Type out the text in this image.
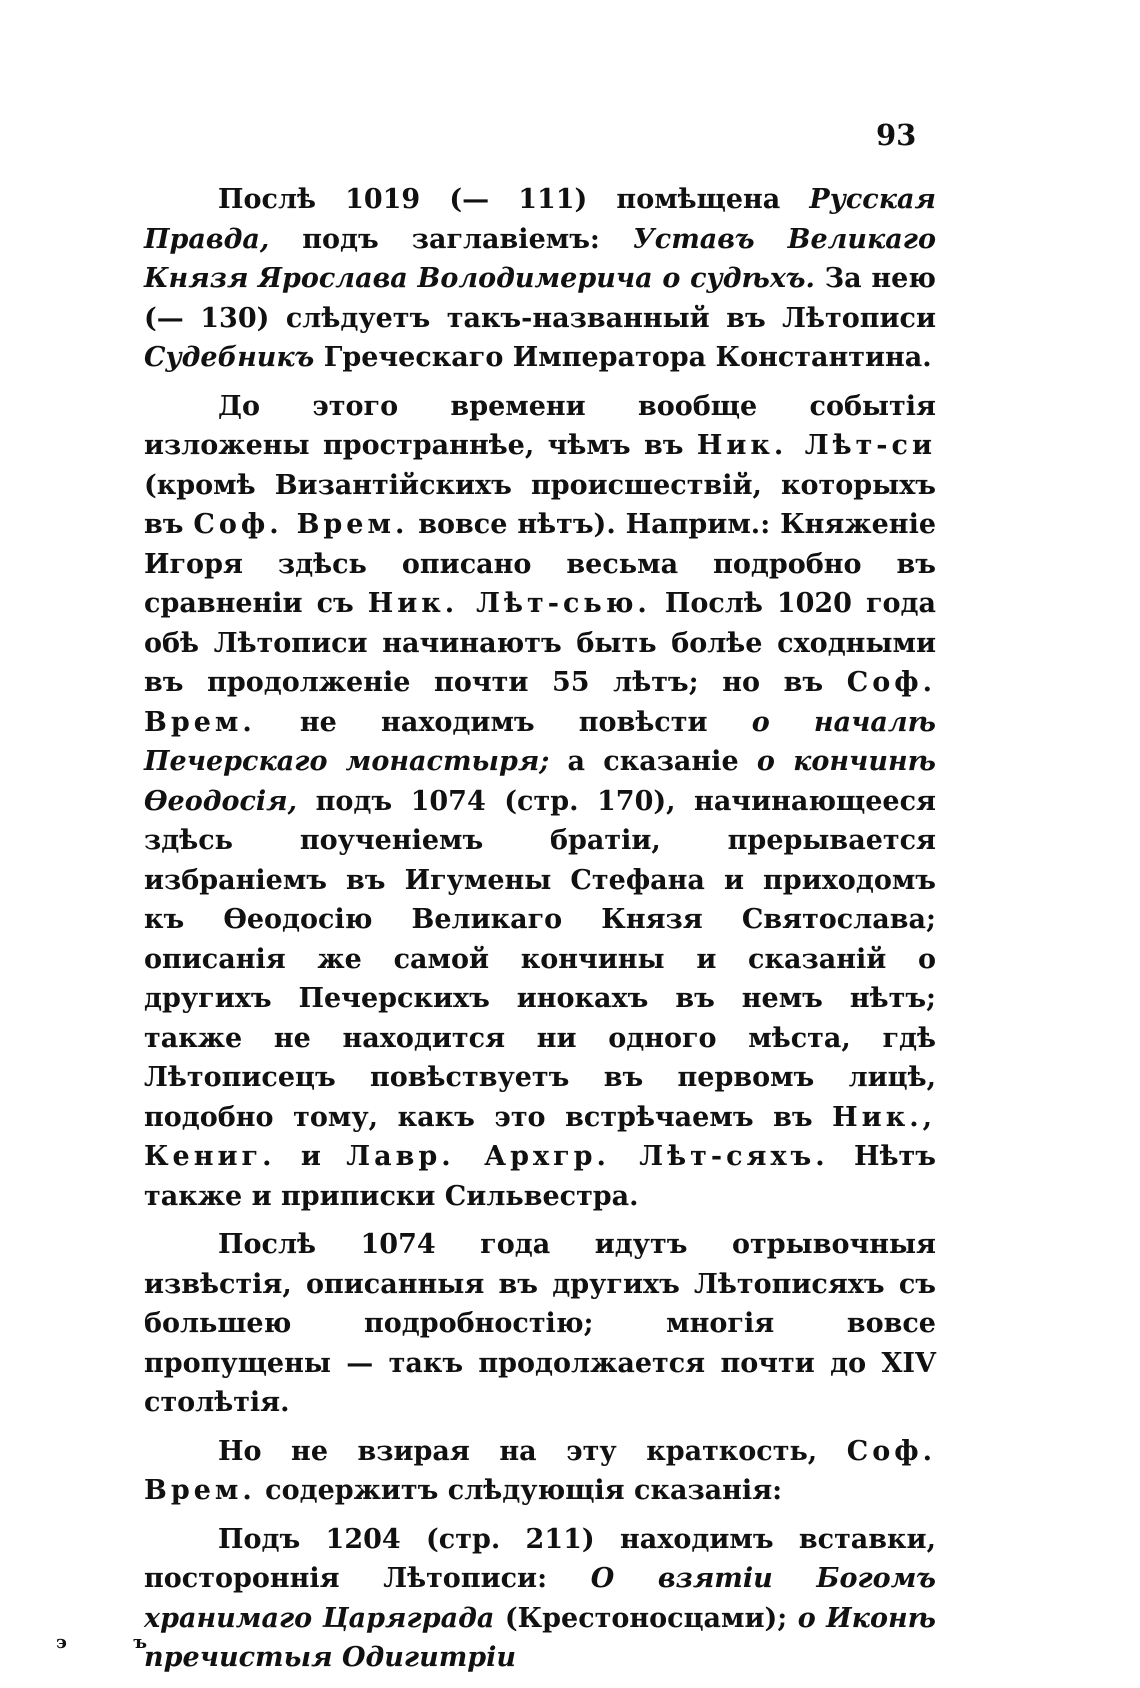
93

Послѣ 1019 (— 111) помѣщена Русская Правда, подъ заглавіемъ: Уставъ Великаго Князя Ярослава Володимерича о судѣхъ. За нею (— 130) слѣдуетъ такъ-названный въ Лѣтописи Судебникъ Греческаго Императора Константина.

До этого времени вообще событія изложены пространнѣе, чѣмъ въ Ник. Лѣт-си (кромѣ Византійскихъ происшествій, которыхъ въ Соф. Врем. вовсе нѣтъ). Наприм.: Княженіе Игоря здѣсь описано весьма подробно въ сравненіи съ Ник. Лѣт-сью. Послѣ 1020 года обѣ Лѣтописи начинаютъ быть болѣе сходными въ продолженіе почти 55 лѣтъ; но въ Соф. Врем. не находимъ повѣсти о началѣ Печерскаго монастыря; а сказаніе о кончинѣ Ѳеодосія, подъ 1074 (стр. 170), начинающееся здѣсь поученіемъ братіи, прерывается избраніемъ въ Игумены Стефана и приходомъ къ Ѳеодосію Великаго Князя Святослава; описанія же самой кончины и сказаній о другихъ Печерскихъ инокахъ въ немъ нѣтъ; также не находится ни одного мѣста, гдѣ Лѣтописецъ повѣствуетъ въ первомъ лицѣ, подобно тому, какъ это встрѣчаемъ въ Ник., Кениг. и Лавр. Архгр. Лѣт-сяхъ. Нѣтъ также и приписки Сильвестра.

Послѣ 1074 года идутъ отрывочныя извѣстія, описанныя въ другихъ Лѣтописяхъ съ большею подробностію; многія вовсе пропущены — такъ продолжается почти до XIV столѣтія.

Но не взирая на эту краткость, Соф. Врем. содержитъ слѣдующія сказанія:

Подъ 1204 (стр. 211) находимъ вставки, постороннія Лѣтописи: О взятіи Богомъ хранимаго Царяграда (Крестоносцами); о Иконѣ пречистыя Одигитріи

э ъ
